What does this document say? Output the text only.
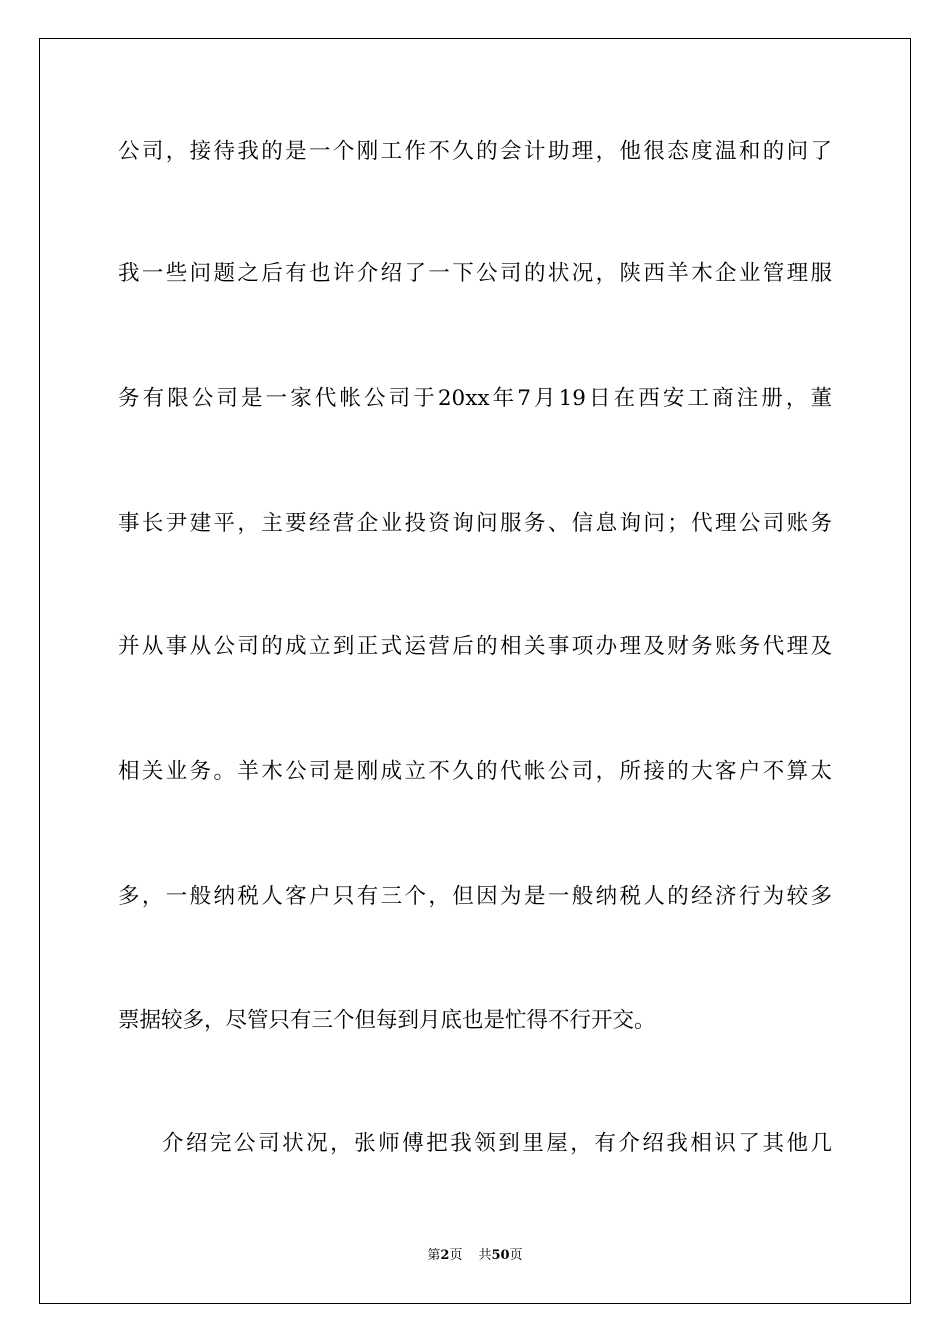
公司，接待我的是一个刚工作不久的会计助理，他很态度温和的问了
我一些问题之后有也许介绍了一下公司的状况，陕西羊木企业管理服
务有限公司是一家代帐公司于20xx年7月19日在西安工商注册，董
事长尹建平，主要经营企业投资询问服务、信息询问；代理公司账务
并从事从公司的成立到正式运营后的相关事项办理及财务账务代理及
相关业务。羊木公司是刚成立不久的代帐公司，所接的大客户不算太
多，一般纳税人客户只有三个，但因为是一般纳税人的经济行为较多
票据较多，尽管只有三个但每到月底也是忙得不行开交。
介绍完公司状况，张师傅把我领到里屋，有介绍我相识了其他几
第2页 共50页
